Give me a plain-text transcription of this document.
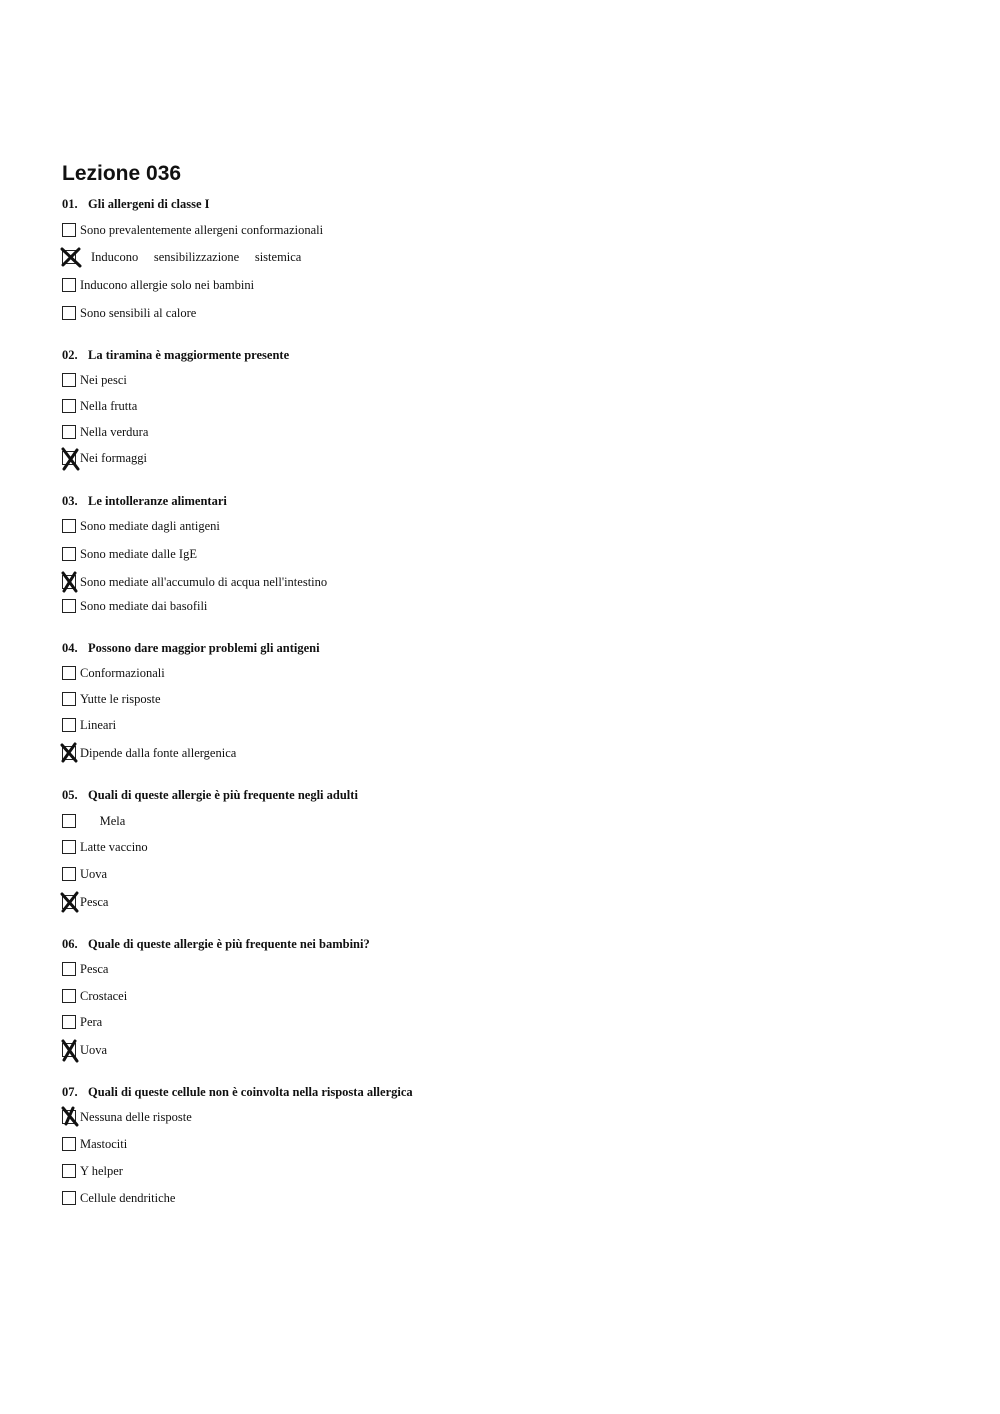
Lezione 036
01. Gli allergeni di classe I
Sono prevalentemente allergeni conformazionali
Inducono     sensibilizzazione     sistemica
Inducono allergie solo nei bambini
Sono sensibili al calore
02. La tiramina è maggiormente presente
Nei pesci
Nella frutta
Nella verdura
Nei formaggi
03. Le intolleranze alimentari
Sono mediate dagli antigeni
Sono mediate dalle IgE
Sono mediate all'accumulo di acqua nell'intestino
Sono mediate dai basofili
04. Possono dare maggior problemi gli antigeni
Conformazionali
Yutte le risposte
Lineari
Dipende dalla fonte allergenica
05. Quali di queste allergie è più frequente negli adulti
Mela
Latte vaccino
Uova
Pesca
06. Quale di queste allergie è più frequente nei bambini?
Pesca
Crostacei
Pera
Uova
07. Quali di queste cellule non è coinvolta nella risposta allergica
Nessuna delle risposte
Mastociti
Y helper
Cellule dendritiche
